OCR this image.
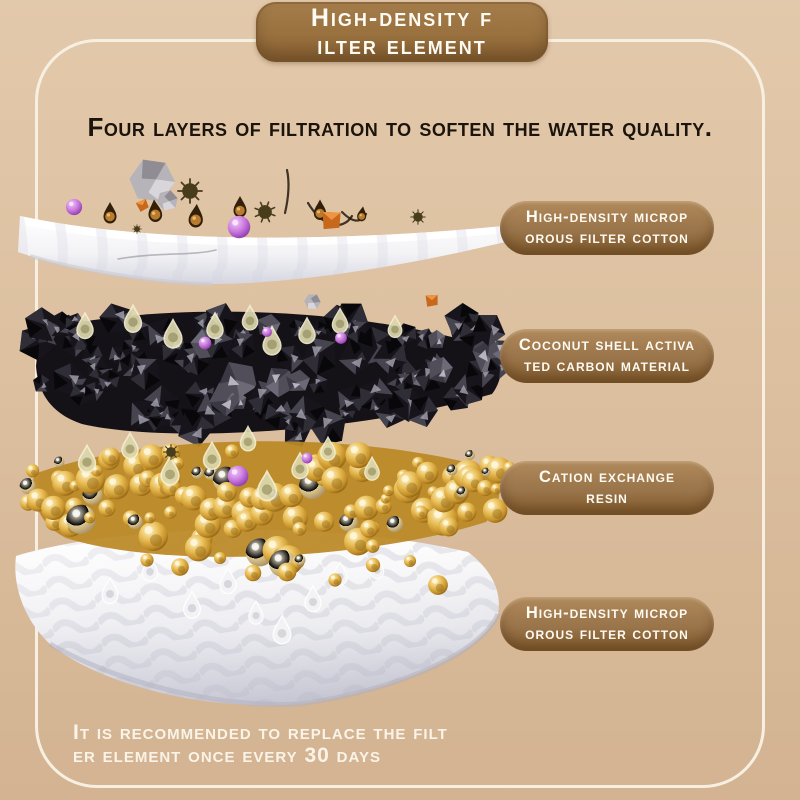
High-density f
ilter element
Four layers of filtration to soften the water quality.
High-density microp
orous filter cotton
Coconut shell activa
ted carbon material
Cation exchange
resin
High-density microp
orous filter cotton
It is recommended to replace the filt
er element once every 30 days
